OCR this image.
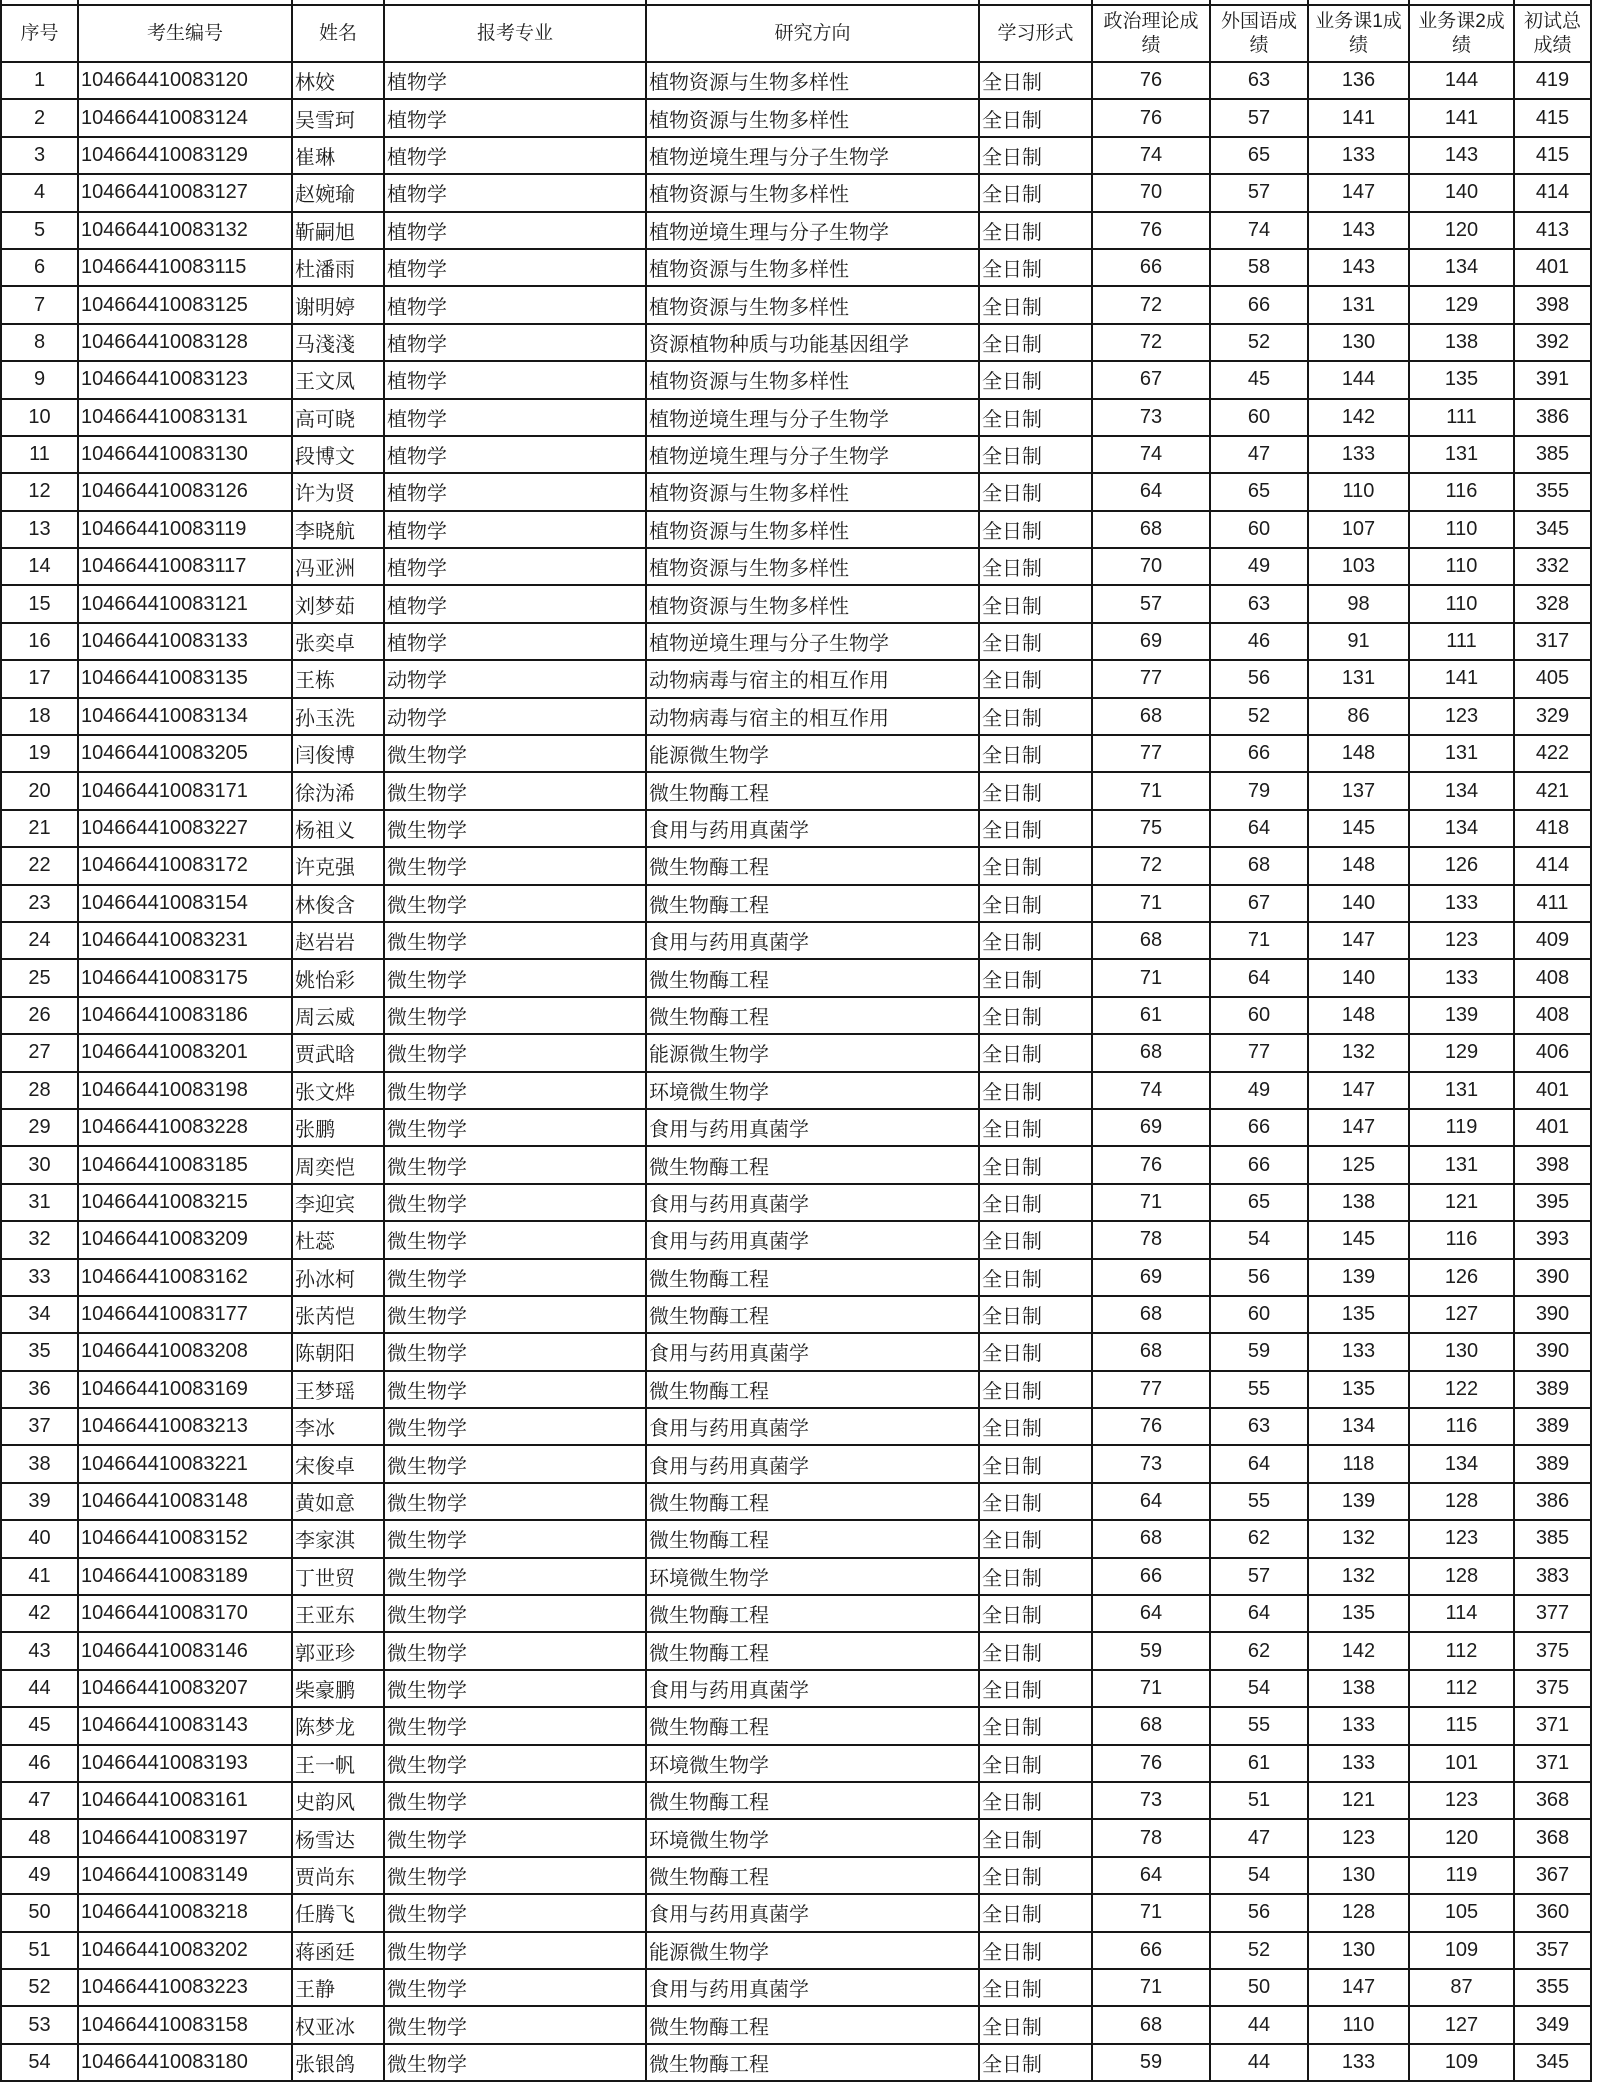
序号	考生编号	姓名	报考专业	研究方向	学习形式	政治理论成绩	外国语成绩	业务课1成绩	业务课2成绩	初试总成绩
1	104664410083120	林姣	植物学	植物资源与生物多样性	全日制	76	63	136	144	419
2	104664410083124	吴雪珂	植物学	植物资源与生物多样性	全日制	76	57	141	141	415
3	104664410083129	崔琳	植物学	植物逆境生理与分子生物学	全日制	74	65	133	143	415
4	104664410083127	赵婉瑜	植物学	植物资源与生物多样性	全日制	70	57	147	140	414
5	104664410083132	靳嗣旭	植物学	植物逆境生理与分子生物学	全日制	76	74	143	120	413
6	104664410083115	杜潘雨	植物学	植物资源与生物多样性	全日制	66	58	143	134	401
7	104664410083125	谢明婷	植物学	植物资源与生物多样性	全日制	72	66	131	129	398
8	104664410083128	马淺淺	植物学	资源植物种质与功能基因组学	全日制	72	52	130	138	392
9	104664410083123	王文凤	植物学	植物资源与生物多样性	全日制	67	45	144	135	391
10	104664410083131	高可晓	植物学	植物逆境生理与分子生物学	全日制	73	60	142	111	386
11	104664410083130	段博文	植物学	植物逆境生理与分子生物学	全日制	74	47	133	131	385
12	104664410083126	许为贤	植物学	植物资源与生物多样性	全日制	64	65	110	116	355
13	104664410083119	李晓航	植物学	植物资源与生物多样性	全日制	68	60	107	110	345
14	104664410083117	冯亚洲	植物学	植物资源与生物多样性	全日制	70	49	103	110	332
15	104664410083121	刘梦茹	植物学	植物资源与生物多样性	全日制	57	63	98	110	328
16	104664410083133	张奕卓	植物学	植物逆境生理与分子生物学	全日制	69	46	91	111	317
17	104664410083135	王栋	动物学	动物病毒与宿主的相互作用	全日制	77	56	131	141	405
18	104664410083134	孙玉洗	动物学	动物病毒与宿主的相互作用	全日制	68	52	86	123	329
19	104664410083205	闫俊博	微生物学	能源微生物学	全日制	77	66	148	131	422
20	104664410083171	徐沩浠	微生物学	微生物酶工程	全日制	71	79	137	134	421
21	104664410083227	杨祖义	微生物学	食用与药用真菌学	全日制	75	64	145	134	418
22	104664410083172	许克强	微生物学	微生物酶工程	全日制	72	68	148	126	414
23	104664410083154	林俊含	微生物学	微生物酶工程	全日制	71	67	140	133	411
24	104664410083231	赵岩岩	微生物学	食用与药用真菌学	全日制	68	71	147	123	409
25	104664410083175	姚怡彩	微生物学	微生物酶工程	全日制	71	64	140	133	408
26	104664410083186	周云威	微生物学	微生物酶工程	全日制	61	60	148	139	408
27	104664410083201	贾武晗	微生物学	能源微生物学	全日制	68	77	132	129	406
28	104664410083198	张文烨	微生物学	环境微生物学	全日制	74	49	147	131	401
29	104664410083228	张鹏	微生物学	食用与药用真菌学	全日制	69	66	147	119	401
30	104664410083185	周奕恺	微生物学	微生物酶工程	全日制	76	66	125	131	398
31	104664410083215	李迎宾	微生物学	食用与药用真菌学	全日制	71	65	138	121	395
32	104664410083209	杜蕊	微生物学	食用与药用真菌学	全日制	78	54	145	116	393
33	104664410083162	孙冰柯	微生物学	微生物酶工程	全日制	69	56	139	126	390
34	104664410083177	张芮恺	微生物学	微生物酶工程	全日制	68	60	135	127	390
35	104664410083208	陈朝阳	微生物学	食用与药用真菌学	全日制	68	59	133	130	390
36	104664410083169	王梦瑶	微生物学	微生物酶工程	全日制	77	55	135	122	389
37	104664410083213	李冰	微生物学	食用与药用真菌学	全日制	76	63	134	116	389
38	104664410083221	宋俊卓	微生物学	食用与药用真菌学	全日制	73	64	118	134	389
39	104664410083148	黄如意	微生物学	微生物酶工程	全日制	64	55	139	128	386
40	104664410083152	李家淇	微生物学	微生物酶工程	全日制	68	62	132	123	385
41	104664410083189	丁世贸	微生物学	环境微生物学	全日制	66	57	132	128	383
42	104664410083170	王亚东	微生物学	微生物酶工程	全日制	64	64	135	114	377
43	104664410083146	郭亚珍	微生物学	微生物酶工程	全日制	59	62	142	112	375
44	104664410083207	柴豪鹏	微生物学	食用与药用真菌学	全日制	71	54	138	112	375
45	104664410083143	陈梦龙	微生物学	微生物酶工程	全日制	68	55	133	115	371
46	104664410083193	王一帆	微生物学	环境微生物学	全日制	76	61	133	101	371
47	104664410083161	史韵风	微生物学	微生物酶工程	全日制	73	51	121	123	368
48	104664410083197	杨雪达	微生物学	环境微生物学	全日制	78	47	123	120	368
49	104664410083149	贾尚东	微生物学	微生物酶工程	全日制	64	54	130	119	367
50	104664410083218	任腾飞	微生物学	食用与药用真菌学	全日制	71	56	128	105	360
51	104664410083202	蒋函廷	微生物学	能源微生物学	全日制	66	52	130	109	357
52	104664410083223	王静	微生物学	食用与药用真菌学	全日制	71	50	147	87	355
53	104664410083158	权亚冰	微生物学	微生物酶工程	全日制	68	44	110	127	349
54	104664410083180	张银鸽	微生物学	微生物酶工程	全日制	59	44	133	109	345
